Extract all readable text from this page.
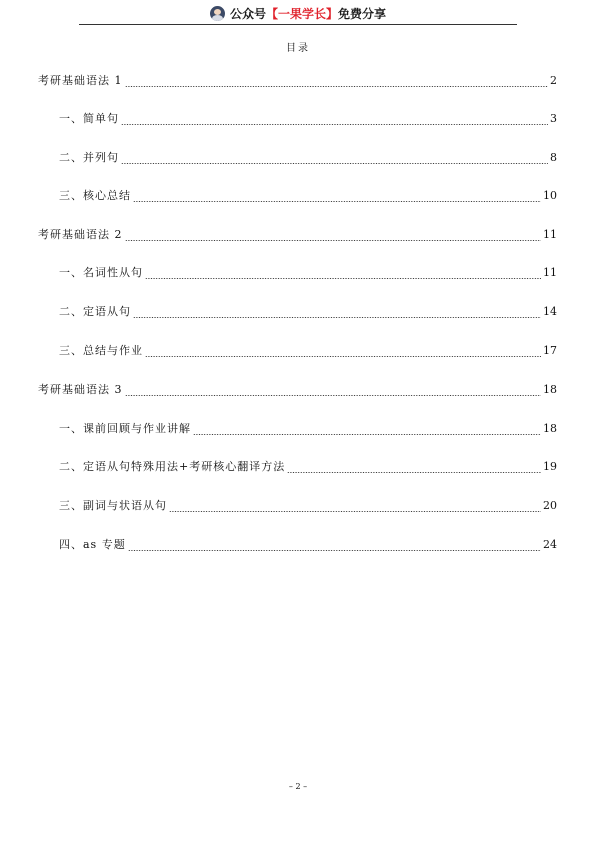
公众号【一果学长】免费分享
目录
考研基础语法 1	2
一、简单句	3
二、并列句	8
三、核心总结	10
考研基础语法 2	11
一、名词性从句	11
二、定语从句	14
三、总结与作业	17
考研基础语法 3	18
一、课前回顾与作业讲解	18
二、定语从句特殊用法+考研核心翻译方法	19
三、副词与状语从句	20
四、as 专题	24
– 2 –
